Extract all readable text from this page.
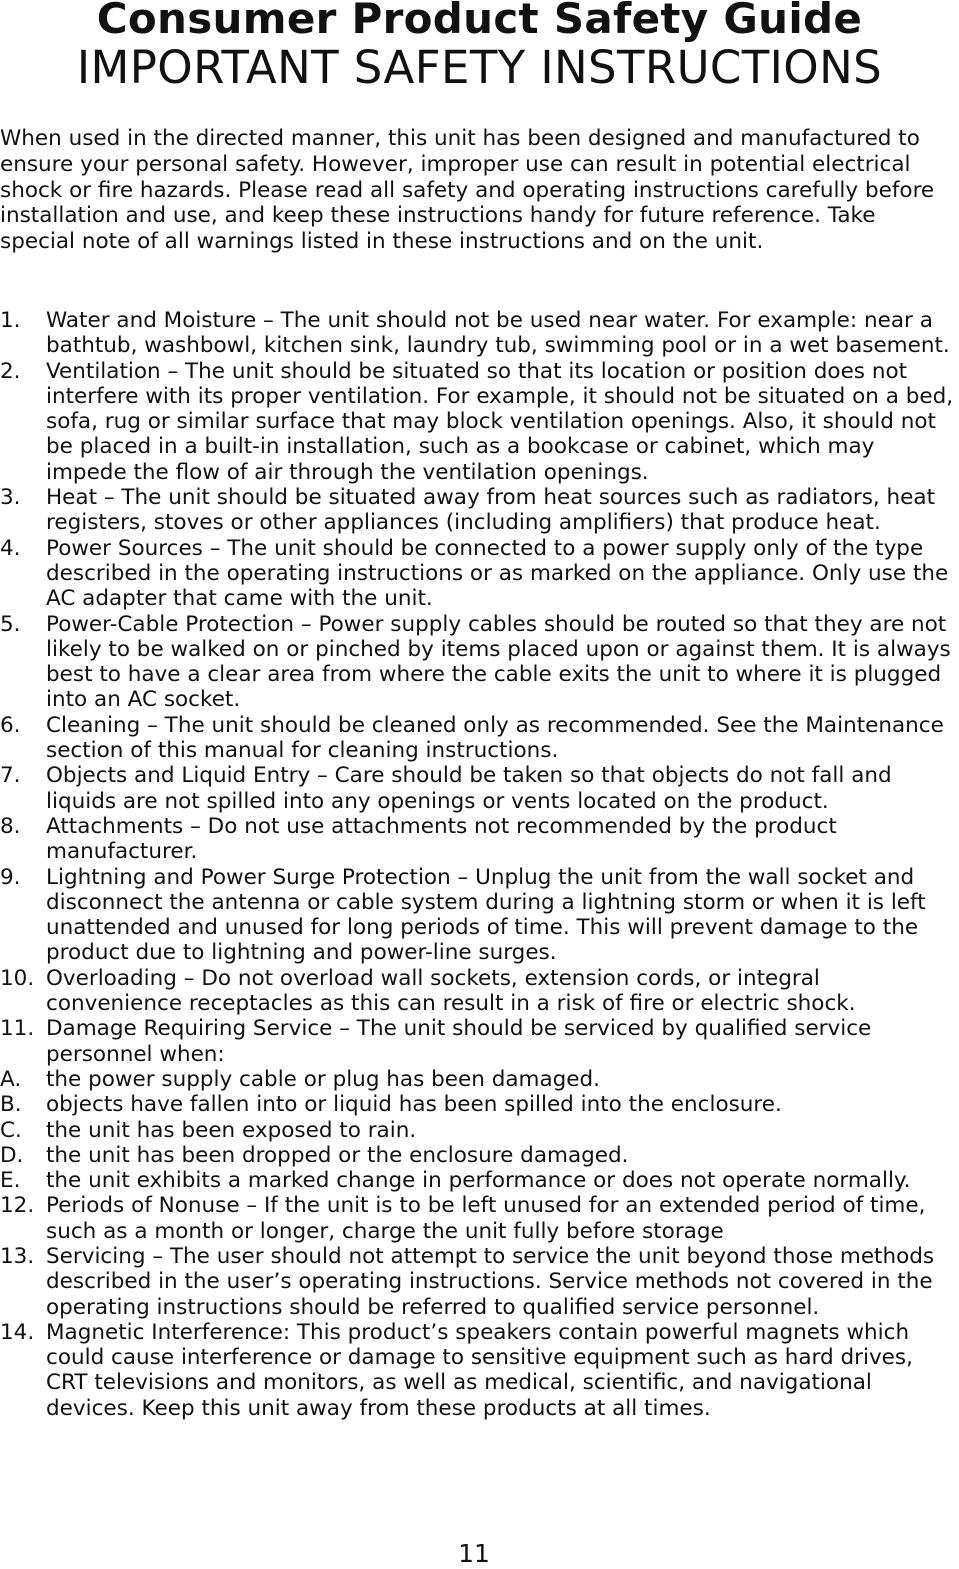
Consumer Product Safety Guide
IMPORTANT SAFETY INSTRUCTIONS

When used in the directed manner, this unit has been designed and manufactured to ensure your personal safety. However, improper use can result in potential electrical shock or fire hazards. Please read all safety and operating instructions carefully before installation and use, and keep these instructions handy for future reference. Take special note of all warnings listed in these instructions and on the unit.

1.	Water and Moisture – The unit should not be used near water. For example: near a bathtub, washbowl, kitchen sink, laundry tub, swimming pool or in a wet basement.
2.	Ventilation – The unit should be situated so that its location or position does not interfere with its proper ventilation. For example, it should not be situated on a bed, sofa, rug or similar surface that may block ventilation openings. Also, it should not be placed in a built-in installation, such as a bookcase or cabinet, which may impede the flow of air through the ventilation openings.
3.	Heat – The unit should be situated away from heat sources such as radiators, heat registers, stoves or other appliances (including amplifiers) that produce heat.
4.	Power Sources – The unit should be connected to a power supply only of the type described in the operating instructions or as marked on the appliance. Only use the AC adapter that came with the unit.
5.	Power-Cable Protection – Power supply cables should be routed so that they are not likely to be walked on or pinched by items placed upon or against them. It is always best to have a clear area from where the cable exits the unit to where it is plugged into an AC socket.
6.	Cleaning – The unit should be cleaned only as recommended. See the Maintenance section of this manual for cleaning instructions.
7.	Objects and Liquid Entry – Care should be taken so that objects do not fall and liquids are not spilled into any openings or vents located on the product.
8.	Attachments – Do not use attachments not recommended by the product manufacturer.
9.	Lightning and Power Surge Protection – Unplug the unit from the wall socket and disconnect the antenna or cable system during a lightning storm or when it is left unattended and unused for long periods of time. This will prevent damage to the product due to lightning and power-line surges.
10. Overloading – Do not overload wall sockets, extension cords, or integral convenience receptacles as this can result in a risk of fire or electric shock.
11. Damage Requiring Service – The unit should be serviced by qualified service personnel when:
A.	the power supply cable or plug has been damaged.
B.	objects have fallen into or liquid has been spilled into the enclosure.
C.	the unit has been exposed to rain.
D.	the unit has been dropped or the enclosure damaged.
E.	the unit exhibits a marked change in performance or does not operate normally.
12. Periods of Nonuse – If the unit is to be left unused for an extended period of time, such as a month or longer, charge the unit fully before storage
13. Servicing – The user should not attempt to service the unit beyond those methods described in the user’s operating instructions. Service methods not covered in the operating instructions should be referred to qualified service personnel.
14. Magnetic Interference: This product’s speakers contain powerful magnets which could cause interference or damage to sensitive equipment such as hard drives, CRT televisions and monitors, as well as medical, scientific, and navigational devices. Keep this unit away from these products at all times.
11
